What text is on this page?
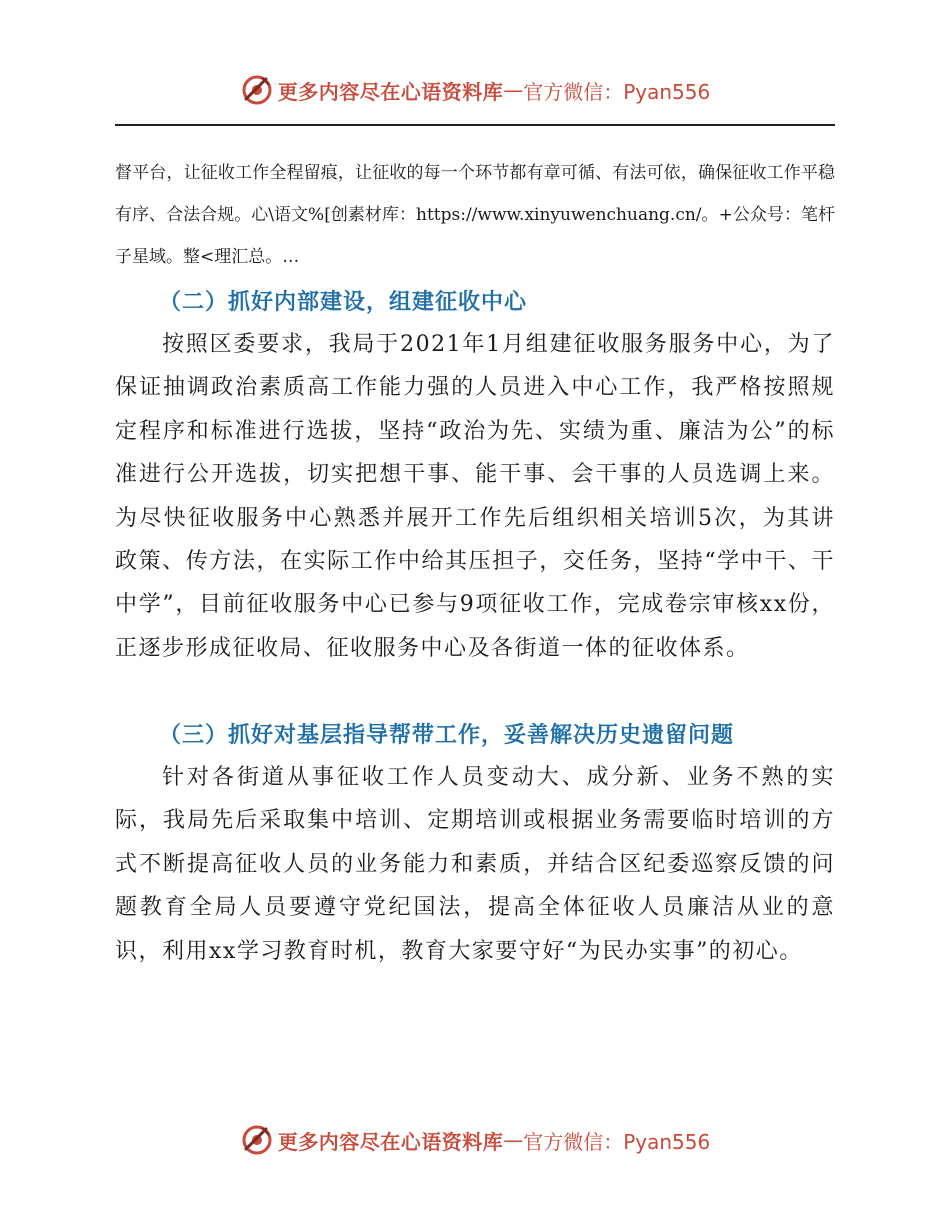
更多内容尽在心语资料库 — 官方微信：Pyan556

督平台，让征收工作全程留痕，让征收的每一个环节都有章可循、有法可依，确保征收工作平稳有序、合法合规。心\语文%[创素材库：https://www.xinyuwenchuang.cn/。+公众号：笔杆子星域。整<理汇总。…

（二）抓好内部建设，组建征收中心

按照区委要求，我局于2021年1月组建征收服务服务中心，为了保证抽调政治素质高工作能力强的人员进入中心工作，我严格按照规定程序和标准进行选拔，坚持“政治为先、实绩为重、廉洁为公”的标准进行公开选拔，切实把想干事、能干事、会干事的人员选调上来。为尽快征收服务中心熟悉并展开工作先后组织相关培训5次，为其讲政策、传方法，在实际工作中给其压担子，交任务，坚持“学中干、干中学”，目前征收服务中心已参与9项征收工作，完成卷宗审核xx份，正逐步形成征收局、征收服务中心及各街道一体的征收体系。

（三）抓好对基层指导帮带工作，妥善解决历史遗留问题

针对各街道从事征收工作人员变动大、成分新、业务不熟的实际，我局先后采取集中培训、定期培训或根据业务需要临时培训的方式不断提高征收人员的业务能力和素质，并结合区纪委巡察反馈的问题教育全局人员要遵守党纪国法，提高全体征收人员廉洁从业的意识，利用xx学习教育时机，教育大家要守好“为民办实事”的初心。

更多内容尽在心语资料库 — 官方微信：Pyan556
